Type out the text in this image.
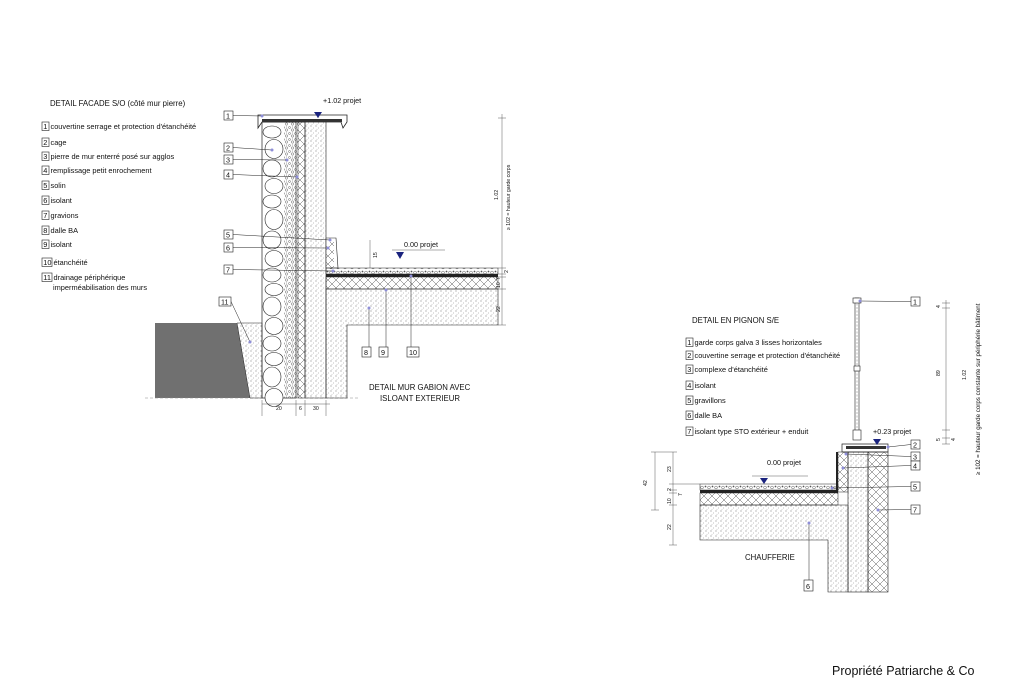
DETAIL FACADE S/O (côté mur pierre)
1 couvertine serrage et protection d'étanchéité
2 cage
3 pierre de mur enterré posé sur agglos
4 remplissage petit enrochement
5 solin
6 isolant
7 gravions
8 dalle BA
9 isolant
10 étanchéité
11 drainage périphérique
imperméabilisation des murs
+1.02 projet
0.00 projet
1.02 ≥ 102 = hauteur garde corps
2
7
10
22
15
20	6 30
DETAIL MUR GABION AVEC
ISLOANT EXTERIEUR
1
2
3
4
5
6
7
11
8 9	10
DETAIL EN PIGNON S/E
1 garde corps galva 3 lisses horizontales
2 couvertine serrage et protection d'étanchéité
3 complexe d'étanchéité
4 isolant
5 gravillons
6 dalle BA
7 isolant type STO extérieur + enduit	+0.23 projet
0.00 projet
42
23
2
7
10
22
4
89
5 4
1.02 ≥ 102 = hauteur garde corps constante sur périphérie bâtiment
CHAUFFERIE
1
2
3
4
5
7
6
Propriété Patriarche & Co
